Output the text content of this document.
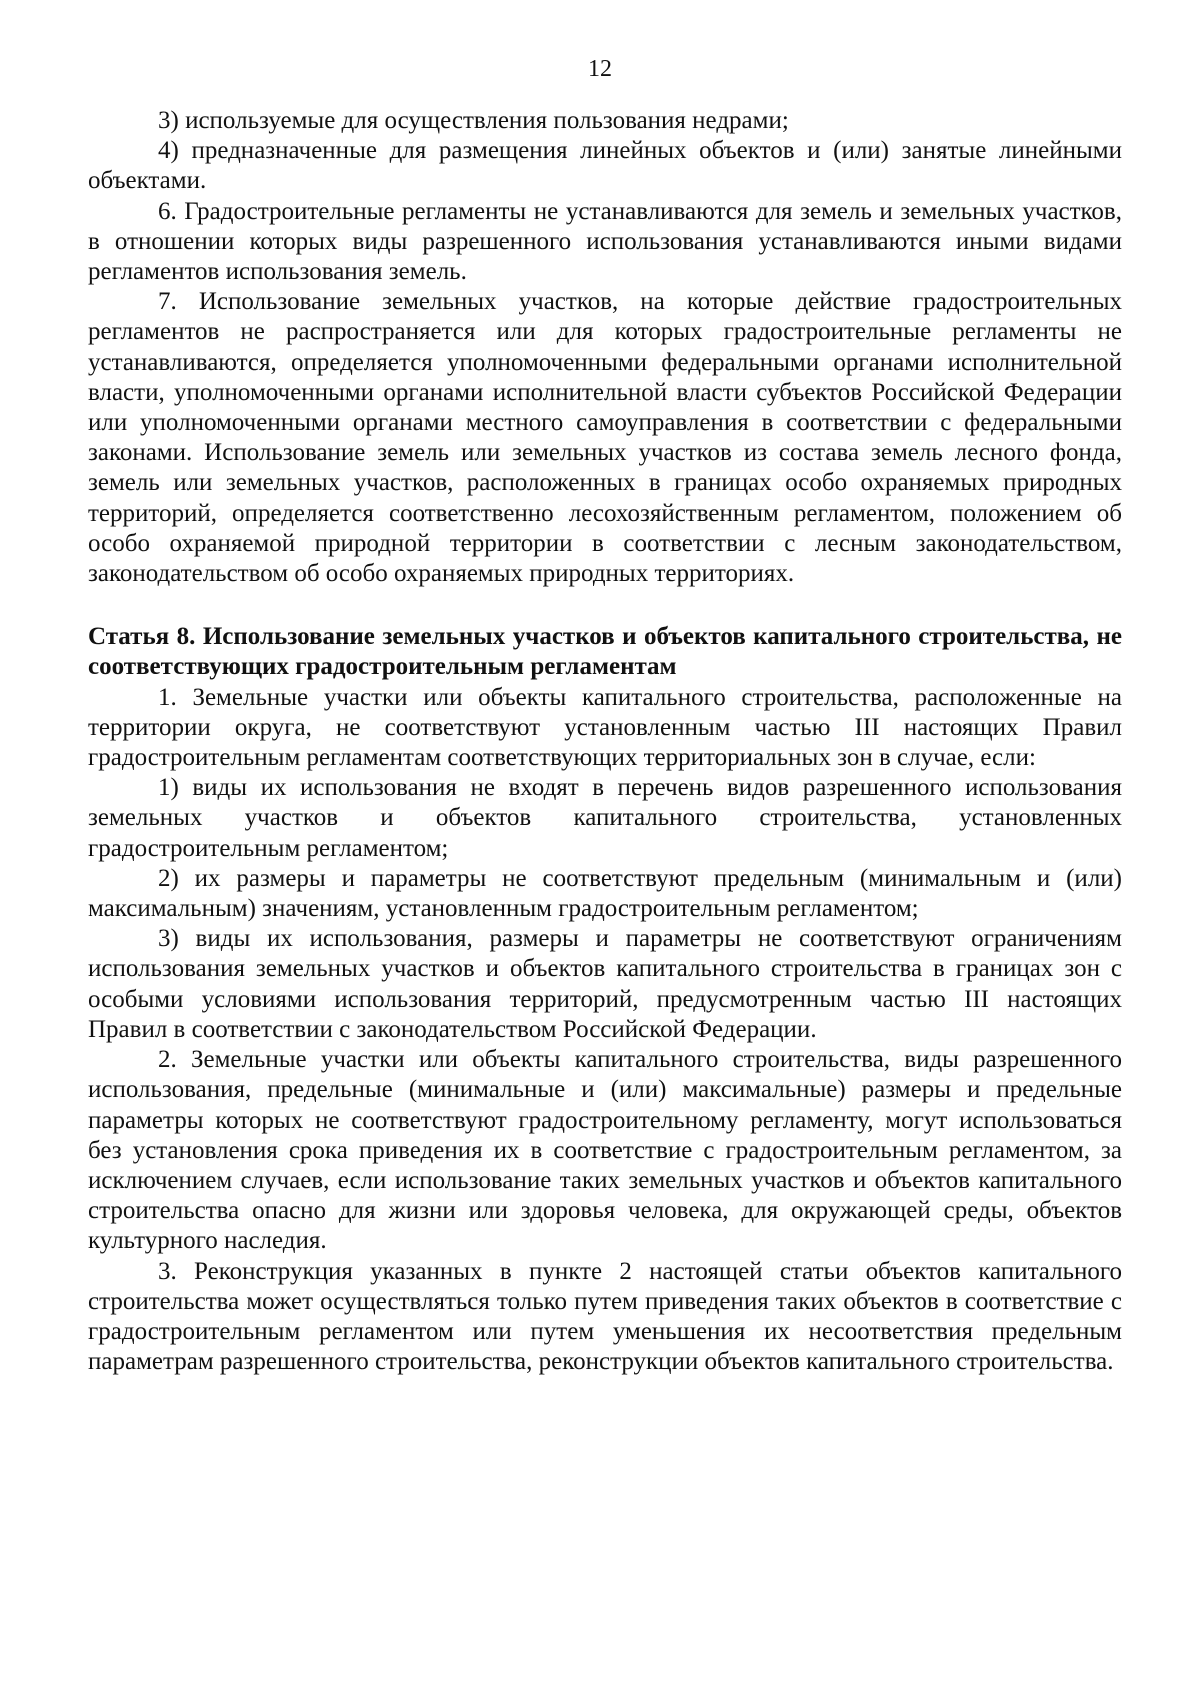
12

3) используемые для осуществления пользования недрами;

4) предназначенные для размещения линейных объектов и (или) занятые линейными объектами.

6. Градостроительные регламенты не устанавливаются для земель и земельных участков, в отношении которых виды разрешенного использования устанавливаются иными видами регламентов использования земель.

7. Использование земельных участков, на которые действие градостроительных регламентов не распространяется или для которых градостроительные регламенты не устанавливаются, определяется уполномоченными федеральными органами исполнительной власти, уполномоченными органами исполнительной власти субъектов Российской Федерации или уполномоченными органами местного самоуправления в соответствии с федеральными законами. Использование земель или земельных участков из состава земель лесного фонда, земель или земельных участков, расположенных в границах особо охраняемых природных территорий, определяется соответственно лесохозяйственным регламентом, положением об особо охраняемой природной территории в соответствии с лесным законодательством, законодательством об особо охраняемых природных территориях.

Статья 8. Использование земельных участков и объектов капитального строительства, не соответствующих градостроительным регламентам

1. Земельные участки или объекты капитального строительства, расположенные на территории округа, не соответствуют установленным частью III настоящих Правил градостроительным регламентам соответствующих территориальных зон в случае, если:

1) виды их использования не входят в перечень видов разрешенного использования земельных участков и объектов капитального строительства, установленных градостроительным регламентом;

2) их размеры и параметры не соответствуют предельным (минимальным и (или) максимальным) значениям, установленным градостроительным регламентом;

3) виды их использования, размеры и параметры не соответствуют ограничениям использования земельных участков и объектов капитального строительства в границах зон с особыми условиями использования территорий, предусмотренным частью III настоящих Правил в соответствии с законодательством Российской Федерации.

2. Земельные участки или объекты капитального строительства, виды разрешенного использования, предельные (минимальные и (или) максимальные) размеры и предельные параметры которых не соответствуют градостроительному регламенту, могут использоваться без установления срока приведения их в соответствие с градостроительным регламентом, за исключением случаев, если использование таких земельных участков и объектов капитального строительства опасно для жизни или здоровья человека, для окружающей среды, объектов культурного наследия.

3. Реконструкция указанных в пункте 2 настоящей статьи объектов капитального строительства может осуществляться только путем приведения таких объектов в соответствие с градостроительным регламентом или путем уменьшения их несоответствия предельным параметрам разрешенного строительства, реконструкции объектов капитального строительства.
